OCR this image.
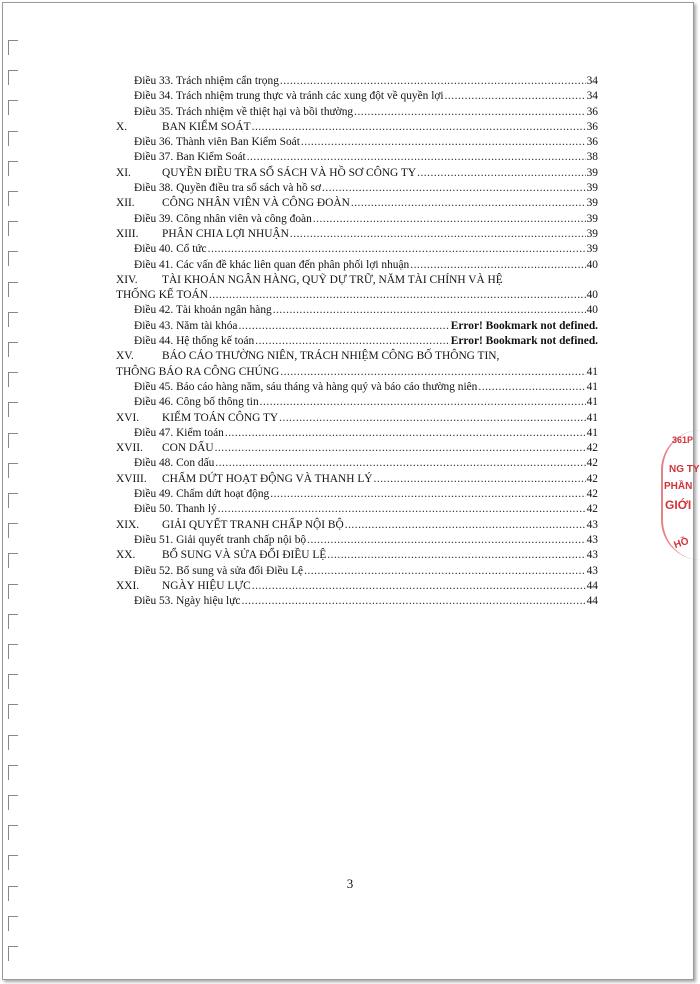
Điều 33. Trách nhiệm cẩn trọng .....	34
Điều 34. Trách nhiệm trung thực và tránh các xung đột về quyền lợi .....	34
Điều 35. Trách nhiệm về thiệt hại và bồi thường .....	36
X.	BAN KIỂM SOÁT .....	36
Điều 36. Thành viên Ban Kiểm Soát .....	36
Điều 37. Ban Kiểm Soát .....	38
XI.	QUYỀN ĐIỀU TRA SỔ SÁCH VÀ HỒ SƠ CÔNG TY .....	39
Điều 38. Quyền điều tra sổ sách và hồ sơ .....	39
XII.	CÔNG NHÂN VIÊN VÀ CÔNG ĐOÀN .....	39
Điều 39. Công nhân viên và công đoàn .....	39
XIII.	PHÂN CHIA LỢI NHUẬN .....	39
Điều 40. Cổ tức .....	39
Điều 41. Các vấn đề khác liên quan đến phân phối lợi nhuận .....	40
XIV.	TÀI KHOẢN NGÂN HÀNG, QUỸ DỰ TRỮ, NĂM TÀI CHÍNH VÀ HỆ
THỐNG KẾ TOÁN .....	40
Điều 42. Tài khoản ngân hàng .....	40
Điều 43. Năm tài khóa .....	Error! Bookmark not defined.
Điều 44. Hệ thống kế toán .....	Error! Bookmark not defined.
XV.	BÁO CÁO THƯỜNG NIÊN, TRÁCH NHIỆM CÔNG BỐ THÔNG TIN,
THÔNG BÁO RA CÔNG CHÚNG .....	41
Điều 45. Báo cáo hàng năm, sáu tháng và hàng quý và báo cáo thường niên .....	41
Điều 46. Công bố thông tin .....	41
XVI.	KIỂM TOÁN CÔNG TY .....	41
Điều 47. Kiểm toán .....	41
XVII.	CON DẤU .....	42
Điều 48. Con dấu .....	42
XVIII.	CHẤM DỨT HOẠT ĐỘNG VÀ THANH LÝ .....	42
Điều 49. Chấm dứt hoạt động .....	42
Điều 50. Thanh lý .....	42
XIX.	GIẢI QUYẾT TRANH CHẤP NỘI BỘ .....	43
Điều 51. Giải quyết tranh chấp nội bộ .....	43
XX.	BỔ SUNG VÀ SỬA ĐỔI ĐIỀU LỆ .....	43
Điều 52. Bổ sung và sửa đổi Điều Lệ .....	43
XXI.	NGÀY HIỆU LỰC .....	44
Điều 53. Ngày hiệu lực .....	44
3
361P
NG TY
PHẦN
GIỚI
HỒ
